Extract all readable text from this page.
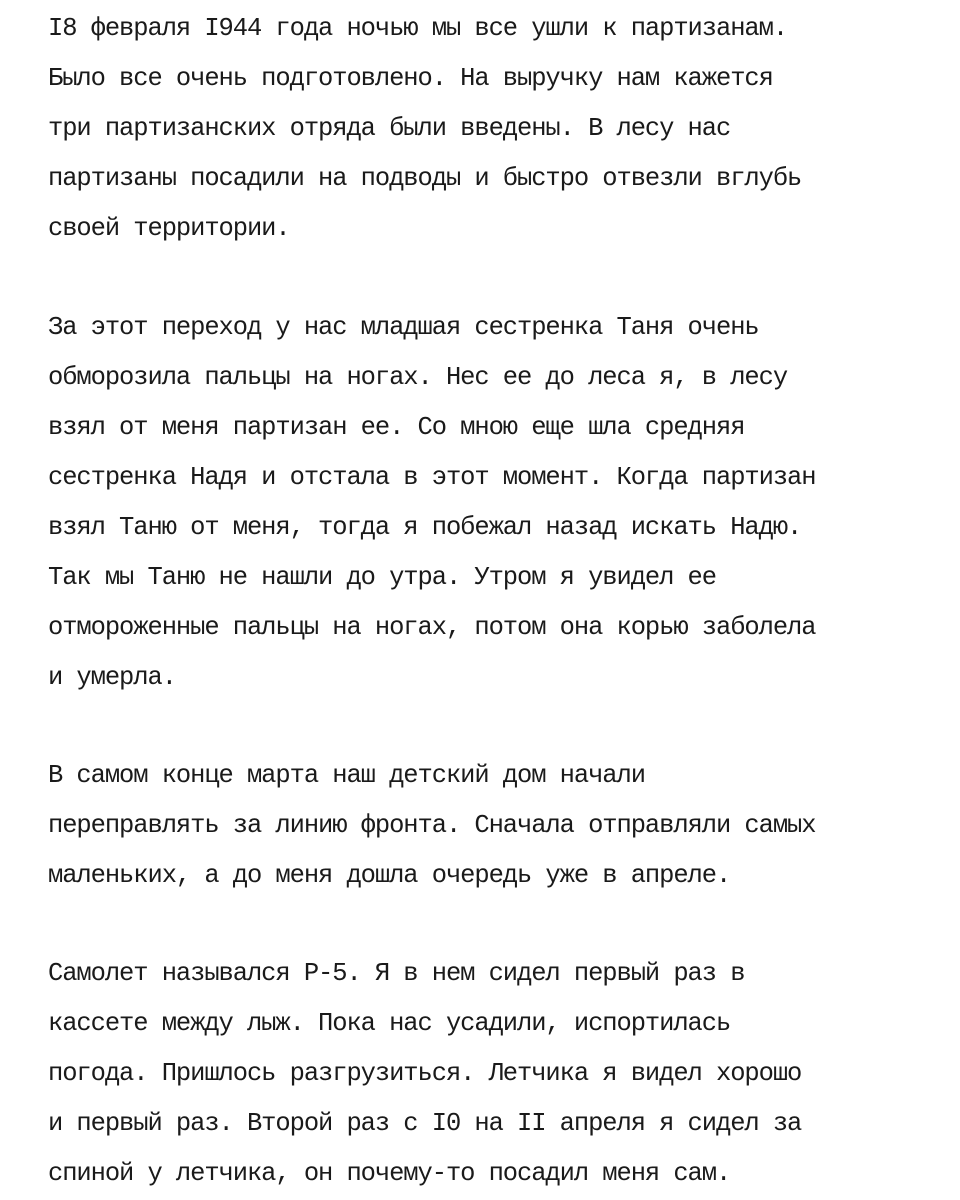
I8 февраля I944 года ночью мы все ушли к партизанам.
Было все очень подготовлено. На выручку нам кажется
три партизанских отряда были введены. В лесу нас
партизаны посадили на подводы и быстро отвезли вглубь
своей территории.
За этот переход у нас младшая сестренка Таня очень
обморозила пальцы на ногах. Нес ее до леса я, в лесу
взял от меня партизан ее. Со мною еще шла средняя
сестренка Надя и отстала в этот момент. Когда партизан
взял Таню от меня, тогда я побежал назад искать Надю.
Так мы Таню не нашли до утра. Утром я увидел ее
отмороженные пальцы на ногах, потом она корью заболела
и умерла.
В самом конце марта наш детский дом начали
переправлять за линию фронта. Сначала отправляли самых
маленьких, а до меня дошла очередь уже в апреле.
Самолет назывался Р-5. Я в нем сидел первый раз в
кассете между лыж. Пока нас усадили, испортилась
погода. Пришлось разгрузиться. Летчика я видел хорошо
и первый раз. Второй раз с I0 на II апреля я сидел за
спиной у летчика, он почему-то посадил меня сам.
